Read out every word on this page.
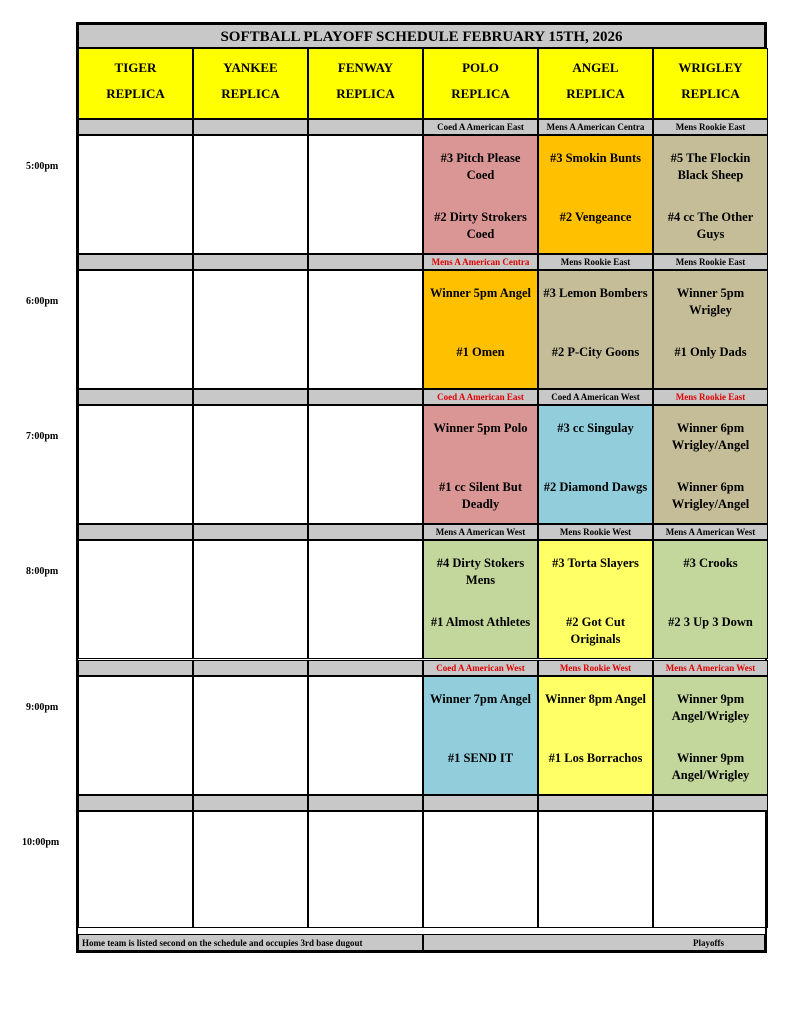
SOFTBALL PLAYOFF SCHEDULE FEBRUARY 15TH, 2026
TIGER
REPLICA
YANKEE
REPLICA
FENWAY
REPLICA
POLO
REPLICA
ANGEL
REPLICA
WRIGLEY
REPLICA
Coed A American East
#3 Pitch Please Coed
#2 Dirty Strokers Coed
Mens A American Centra
#3 Smokin Bunts
#2 Vengeance
Mens Rookie East
#5 The Flockin Black Sheep
#4 cc The Other Guys
Mens A American Centra
Winner 5pm Angel
#1 Omen
Mens Rookie East
#3 Lemon Bombers
#2 P-City Goons
Mens Rookie East
Winner 5pm Wrigley
#1 Only Dads
Coed A American East
Winner 5pm Polo
#1 cc Silent But Deadly
Coed A American West
#3 cc Singulay
#2 Diamond Dawgs
Mens Rookie East
Winner 6pm Wrigley/Angel
Winner 6pm Wrigley/Angel
Mens A American West
#4 Dirty Stokers Mens
#1 Almost Athletes
Mens Rookie West
#3 Torta Slayers
#2 Got Cut Originals
Mens A American West
#3 Crooks
#2 3 Up 3 Down
Coed A American West
Winner 7pm Angel
#1 SEND IT
Mens Rookie West
Winner 8pm Angel
#1 Los Borrachos
Mens A American West
Winner 9pm Angel/Wrigley
Winner 9pm Angel/Wrigley
Home team is listed second on the schedule and occupies 3rd base dugout	Playoffs
5:00pm
6:00pm
7:00pm
8:00pm
9:00pm
10:00pm
